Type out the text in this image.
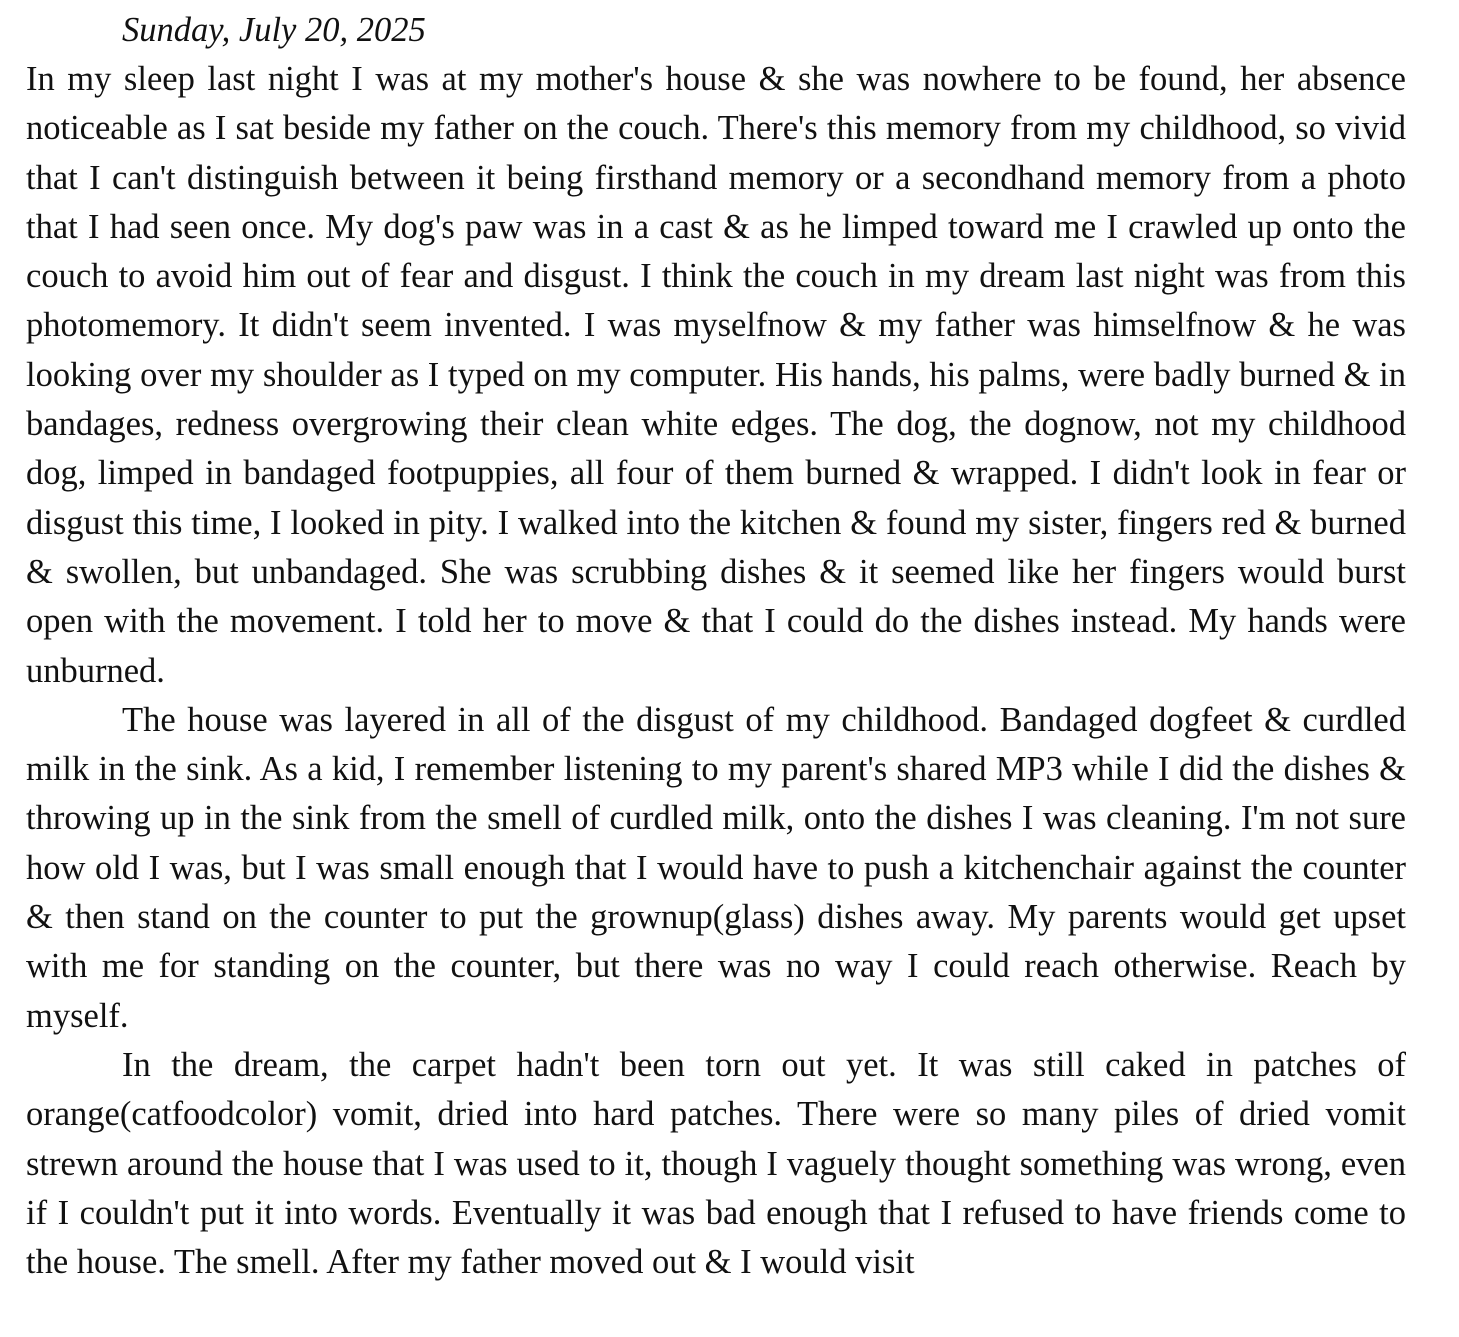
Sunday, July 20, 2025

In my sleep last night I was at my mother's house & she was nowhere to be found, her absence noticeable as I sat beside my father on the couch. There's this memory from my childhood, so vivid that I can't distinguish between it being firsthand memory or a secondhand memory from a photo that I had seen once. My dog's paw was in a cast & as he limped toward me I crawled up onto the couch to avoid him out of fear and disgust. I think the couch in my dream last night was from this photomemory. It didn't seem invented. I was myselfnow & my father was himselfnow & he was looking over my shoulder as I typed on my computer. His hands, his palms, were badly burned & in bandages, redness overgrowing their clean white edges. The dog, the dognow, not my childhood dog, limped in bandaged footpuppies, all four of them burned & wrapped. I didn't look in fear or disgust this time, I looked in pity. I walked into the kitchen & found my sister, fingers red & burned & swollen, but unbandaged. She was scrubbing dishes & it seemed like her fingers would burst open with the movement. I told her to move & that I could do the dishes instead. My hands were unburned.

The house was layered in all of the disgust of my childhood. Bandaged dogfeet & curdled milk in the sink. As a kid, I remember listening to my parent's shared MP3 while I did the dishes & throwing up in the sink from the smell of curdled milk, onto the dishes I was cleaning. I'm not sure how old I was, but I was small enough that I would have to push a kitchenchair against the counter & then stand on the counter to put the grownup(glass) dishes away. My parents would get upset with me for standing on the counter, but there was no way I could reach otherwise. Reach by myself.

In the dream, the carpet hadn't been torn out yet. It was still caked in patches of orange(catfoodcolor) vomit, dried into hard patches. There were so many piles of dried vomit strewn around the house that I was used to it, though I vaguely thought something was wrong, even if I couldn't put it into words. Eventually it was bad enough that I refused to have friends come to the house. The smell. After my father moved out & I would visit
